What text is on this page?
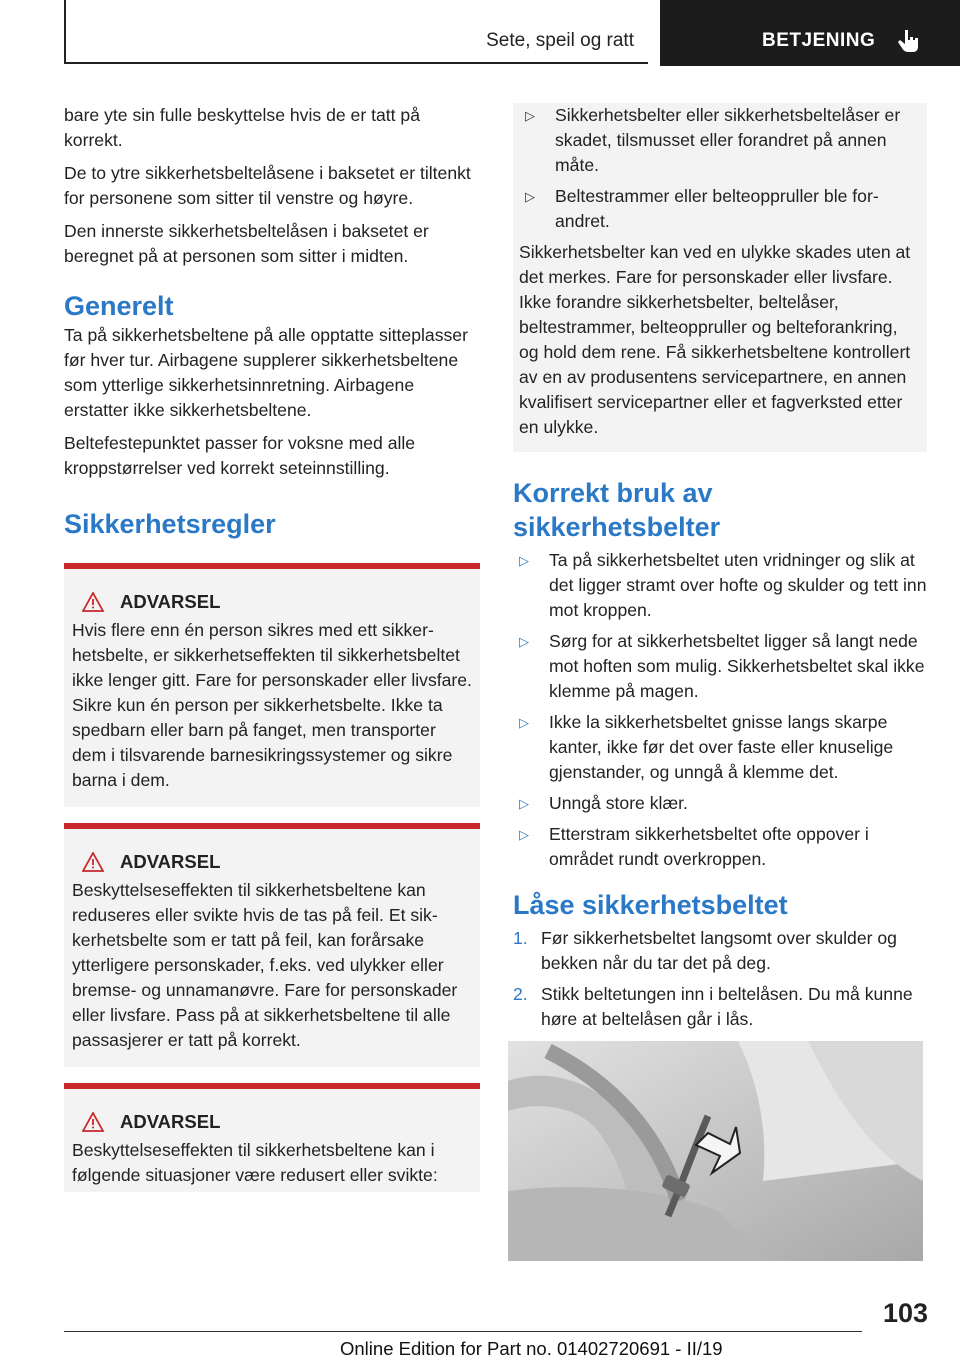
Sete, speil og ratt	BETJENING

bare yte sin fulle beskyttelse hvis de er tatt på korrekt.

De to ytre sikkerhetsbeltelåsene i baksetet er tiltenkt for personene som sitter til venstre og høyre.

Den innerste sikkerhetsbeltelåsen i baksetet er beregnet på at personen som sitter i midten.

Generelt

Ta på sikkerhetsbeltene på alle opptatte sitteplasser før hver tur. Airbagene supplerer sikkerhetsbeltene som ytterlige sikkerhetsinnretning. Airbagene erstatter ikke sikkerhetsbeltene.

Beltefestepunktet passer for voksne med alle kroppstørrelser ved korrekt seteinnstilling.

Sikkerhetsregler
ADVARSEL
Hvis flere enn én person sikres med ett sikkerhetsbelte, er sikkerhetseffekten til sikkerhetsbeltet ikke lenger gitt. Fare for personskader eller livsfare. Sikre kun én person per sikkerhetsbelte. Ikke ta spedbarn eller barn på fanget, men transporter dem i tilsvarende barnesikringssystemer og sikre barna i dem.
ADVARSEL
Beskyttelseseffekten til sikkerhetsbeltene kan reduseres eller svikte hvis de tas på feil. Et sikkerhetsbelte som er tatt på feil, kan forårsake ytterligere personskader, f.eks. ved ulykker eller bremse- og unnamanøvre. Fare for personskader eller livsfare. Pass på at sikkerhetsbeltene til alle passasjerer er tatt på korrekt.
ADVARSEL
Beskyttelseseffekten til sikkerhetsbeltene kan i følgende situasjoner være redusert eller svikte:
▷	Sikkerhetsbelter eller sikkerhetsbeltelåser er skadet, tilsmusset eller forandret på annen måte.
▷	Beltestrammer eller belteoppruller ble forandret.
Sikkerhetsbelter kan ved en ulykke skades uten at det merkes. Fare for personskader eller livsfare. Ikke forandre sikkerhetsbelter, beltelåser, beltestrammer, belteoppruller og belteforankring, og hold dem rene. Få sikkerhetsbeltene kontrollert av en av produsentens servicepartnere, en annen kvalifisert servicepartner eller et fagverksted etter en ulykke.
Korrekt bruk av sikkerhetsbelter
▷	Ta på sikkerhetsbeltet uten vridninger og slik at det ligger stramt over hofte og skulder og tett inn mot kroppen.
▷	Sørg for at sikkerhetsbeltet ligger så langt nede mot hoften som mulig. Sikkerhetsbeltet skal ikke klemme på magen.
▷	Ikke la sikkerhetsbeltet gnisse langs skarpe kanter, ikke før det over faste eller knuselige gjenstander, og unngå å klemme det.
▷	Unngå store klær.
▷	Etterstram sikkerhetsbeltet ofte oppover i området rundt overkroppen.
Låse sikkerhetsbeltet
1. Før sikkerhetsbeltet langsomt over skulder og bekken når du tar det på deg.
2. Stikk beltetungen inn i beltelåsen. Du må kunne høre at beltelåsen går i lås.
103
Online Edition for Part no. 01402720691 - II/19
